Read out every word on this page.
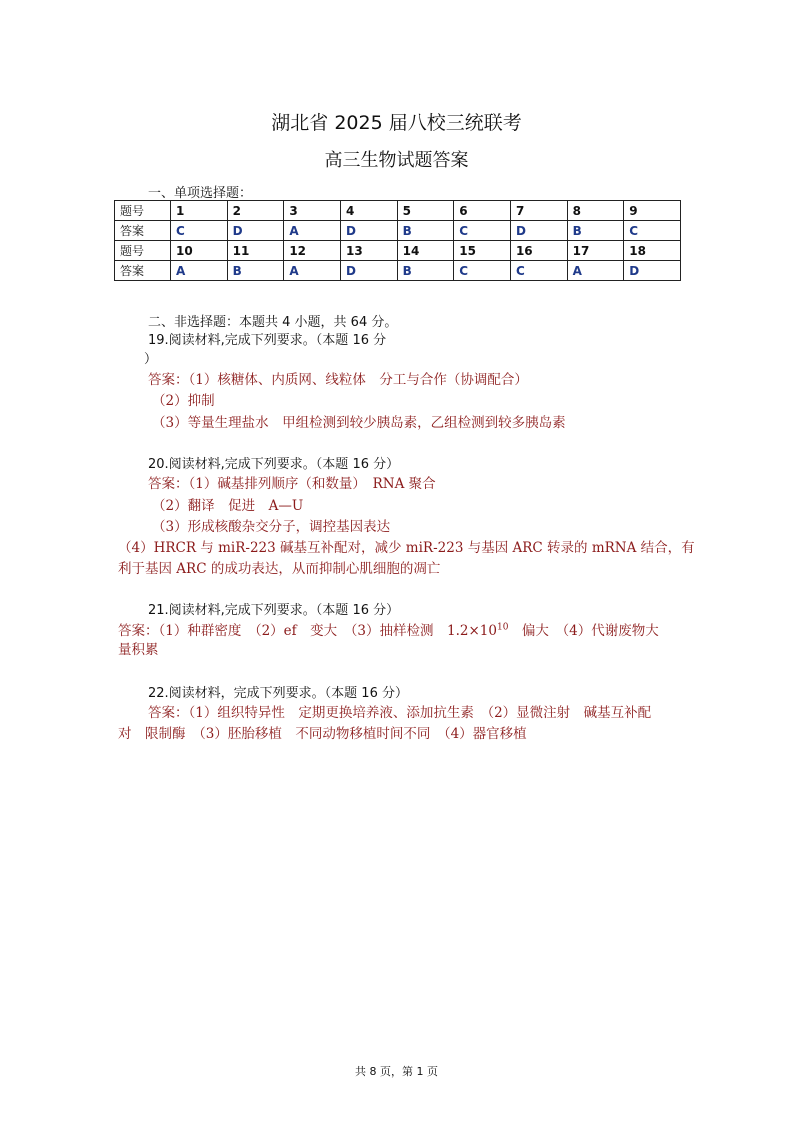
湖北省 2025 届八校三统联考
高三生物试题答案
一、单项选择题：
题号	1	2	3	4	5	6	7	8	9
答案	C	D	A	D	B	C	D	B	C
题号	10	11	12	13	14	15	16	17	18
答案	A	B	A	D	B	C	C	A	D
二、非选择题：本题共 4 小题，共 64 分。
19.阅读材料,完成下列要求。（本题 16 分
）
答案：（1）核糖体、内质网、线粒体　分工与合作（协调配合）
（2）抑制
（3）等量生理盐水　甲组检测到较少胰岛素，乙组检测到较多胰岛素
20.阅读材料,完成下列要求。（本题 16 分）
答案：（1）碱基排列顺序（和数量）　RNA 聚合
（2）翻译　促进　A—U
（3）形成核酸杂交分子，调控基因表达
（4）HRCR 与 miR-223 碱基互补配对，减少 miR-223 与基因 ARC 转录的 mRNA 结合，有
利于基因 ARC 的成功表达，从而抑制心肌细胞的凋亡
21.阅读材料,完成下列要求。（本题 16 分）
答案：（1）种群密度　（2）ef　变大　（3）抽样检测　$1.2\times 10^{10}$　偏大　（4）代谢废物大
量积累
22.阅读材料，完成下列要求。（本题 16 分）
答案：（1）组织特异性　定期更换培养液、添加抗生素　（2）显微注射　碱基互补配
对　限制酶　（3）胚胎移植　不同动物移植时间不同　（4）器官移植
共 8 页，第 1 页
